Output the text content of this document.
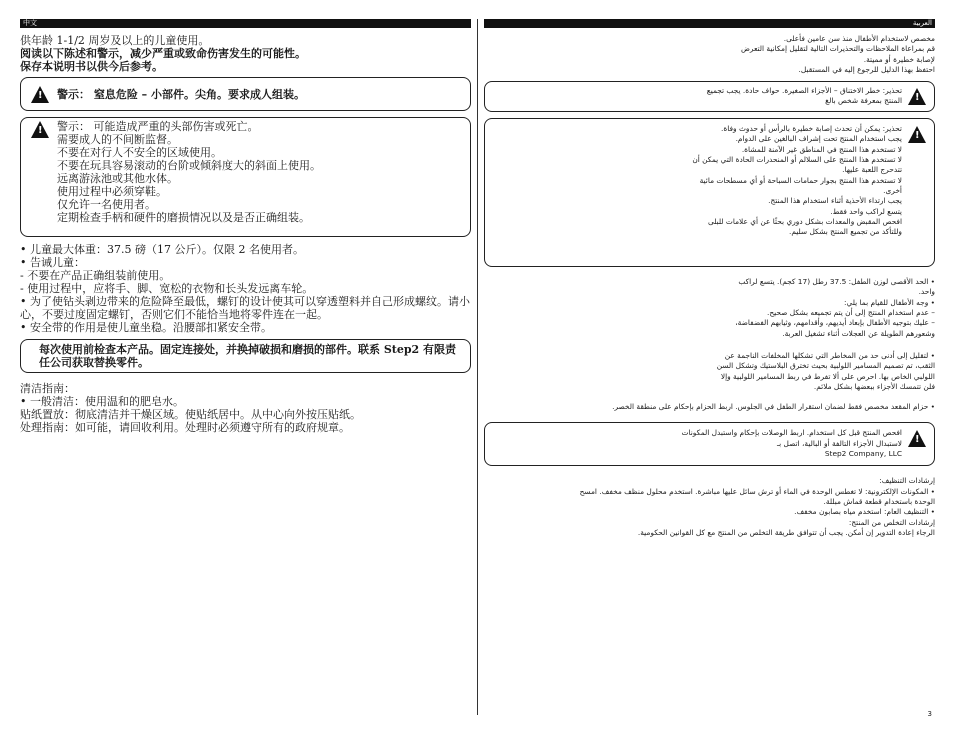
中文

供年龄 1-1/2 周岁及以上的儿童使用。

阅读以下陈述和警示，减少严重或致命伤害发生的可能性。

保存本说明书以供今后参考。

!

警示： 窒息危险 – 小部件。尖角。要求成人组装。

!

警示： 可能造成严重的头部伤害或死亡。

需要成人的不间断监督。

不要在对行人不安全的区域使用。

不要在玩具容易滚动的台阶或倾斜度大的斜面上使用。

远离游泳池或其他水体。

使用过程中必须穿鞋。

仅允许一名使用者。

定期检查手柄和硬件的磨损情况以及是否正确组装。

• 儿童最大体重：37.5 磅（17 公斤）。仅限 2 名使用者。

• 告诫儿童：

- 不要在产品正确组装前使用。

- 使用过程中，应将手、脚、宽松的衣物和长头发远离车轮。

• 为了使钻头剥边带来的危险降至最低，螺钉的设计使其可以穿透塑料并自己形成螺纹。请小心，不要过度固定螺钉，否则它们不能恰当地将零件连在一起。

• 安全带的作用是使儿童坐稳。沿腰部扣紧安全带。

每次使用前检查本产品。固定连接处，并换掉破损和磨损的部件。联系 Step2 有限责任公司获取替换零件。

清洁指南：

• 一般清洁：使用温和的肥皂水。

贴纸置放：彻底清洁并干燥区域。使贴纸居中。从中心向外按压贴纸。

处理指南：如可能，请回收利用。处理时必须遵守所有的政府规章。

العربية

مخصص لاستخدام الأطفال منذ سن عامين فأعلى.

قم بمراعاة الملاحظات والتحذيرات التالية لتقليل إمكانية التعرض

لإصابة خطيرة أو مميتة.

احتفظ بهذا الدليل للرجوع إليه في المستقبل.

!

تحذير: خطر الاختناق – الأجزاء الصغيرة. حواف حادة. يجب تجميع

المنتج بمعرفة شخص بالغ

!

تحذير: يمكن أن تحدث إصابة خطيرة بالرأس أو حدوث وفاة.

يجب استخدام المنتج تحت إشراف البالغين على الدوام.

لا تستخدم هذا المنتج في المناطق غير الآمنة للمشاة.

لا تستخدم هذا المنتج على السلالم أو المنحدرات الحادة التي يمكن أن

تتدحرج اللعبة عليها.

لا تستخدم هذا المنتج بجوار حمامات السباحة أو أي مسطحات مائية

أخرى.

يجب ارتداء الأحذية أثناء استخدام هذا المنتج.

يتسع لراكب واحد فقط.

افحص المقبض والمعدات بشكل دوري بحثًا عن أي علامات للبلى

وللتأكد من تجميع المنتج بشكل سليم.

• الحد الأقصى لوزن الطفل: 37.5 رطل (17 كجم). يتسع لراكب

واحد.

• وجه الأطفال للقيام بما يلي:

– عدم استخدام المنتج إلى أن يتم تجميعه بشكل صحيح.

– عليك بتوجيه الأطفال بإبعاد أيديهم، وأقدامهم، وثيابهم الفضفاضة،

وشعورهم الطويلة عن العجلات أثناء تشغيل العربة.

• لتقليل إلى أدنى حد من المخاطر التي تشكلها المخلفات الناجمة عن

الثقب، تم تصميم المسامير اللولبية بحيث تخترق البلاستيك وتشكل السن

اللولبي الخاص بها. احرص على ألا تفرط في ربط المسامير اللولبية وإلا

فلن تتمسك الأجزاء ببعضها بشكل ملائم.

• حزام المقعد مخصص فقط لضمان استقرار الطفل في الجلوس. اربط الحزام بإحكام على منطقة الخصر.

!

افحص المنتج قبل كل استخدام. اربط الوصلات بإحكام واستبدل المكونات

لاستبدال الأجزاء التالفة أو البالية، اتصل بـ

Step2 Company, LLC

إرشادات التنظيف:

• المكونات الإلكترونية: لا تغطس الوحدة في الماء أو ترش سائل عليها مباشرة. استخدم محلول منظف مخفف. امسح

الوحدة باستخدام قطعة قماش مبللة.

• التنظيف العام: استخدم مياه بصابون مخفف.

إرشادات التخلص من المنتج:

الرجاء إعادة التدوير إن أمكن. يجب أن تتوافق طريقة التخلص من المنتج مع كل القوانين الحكومية.

3
